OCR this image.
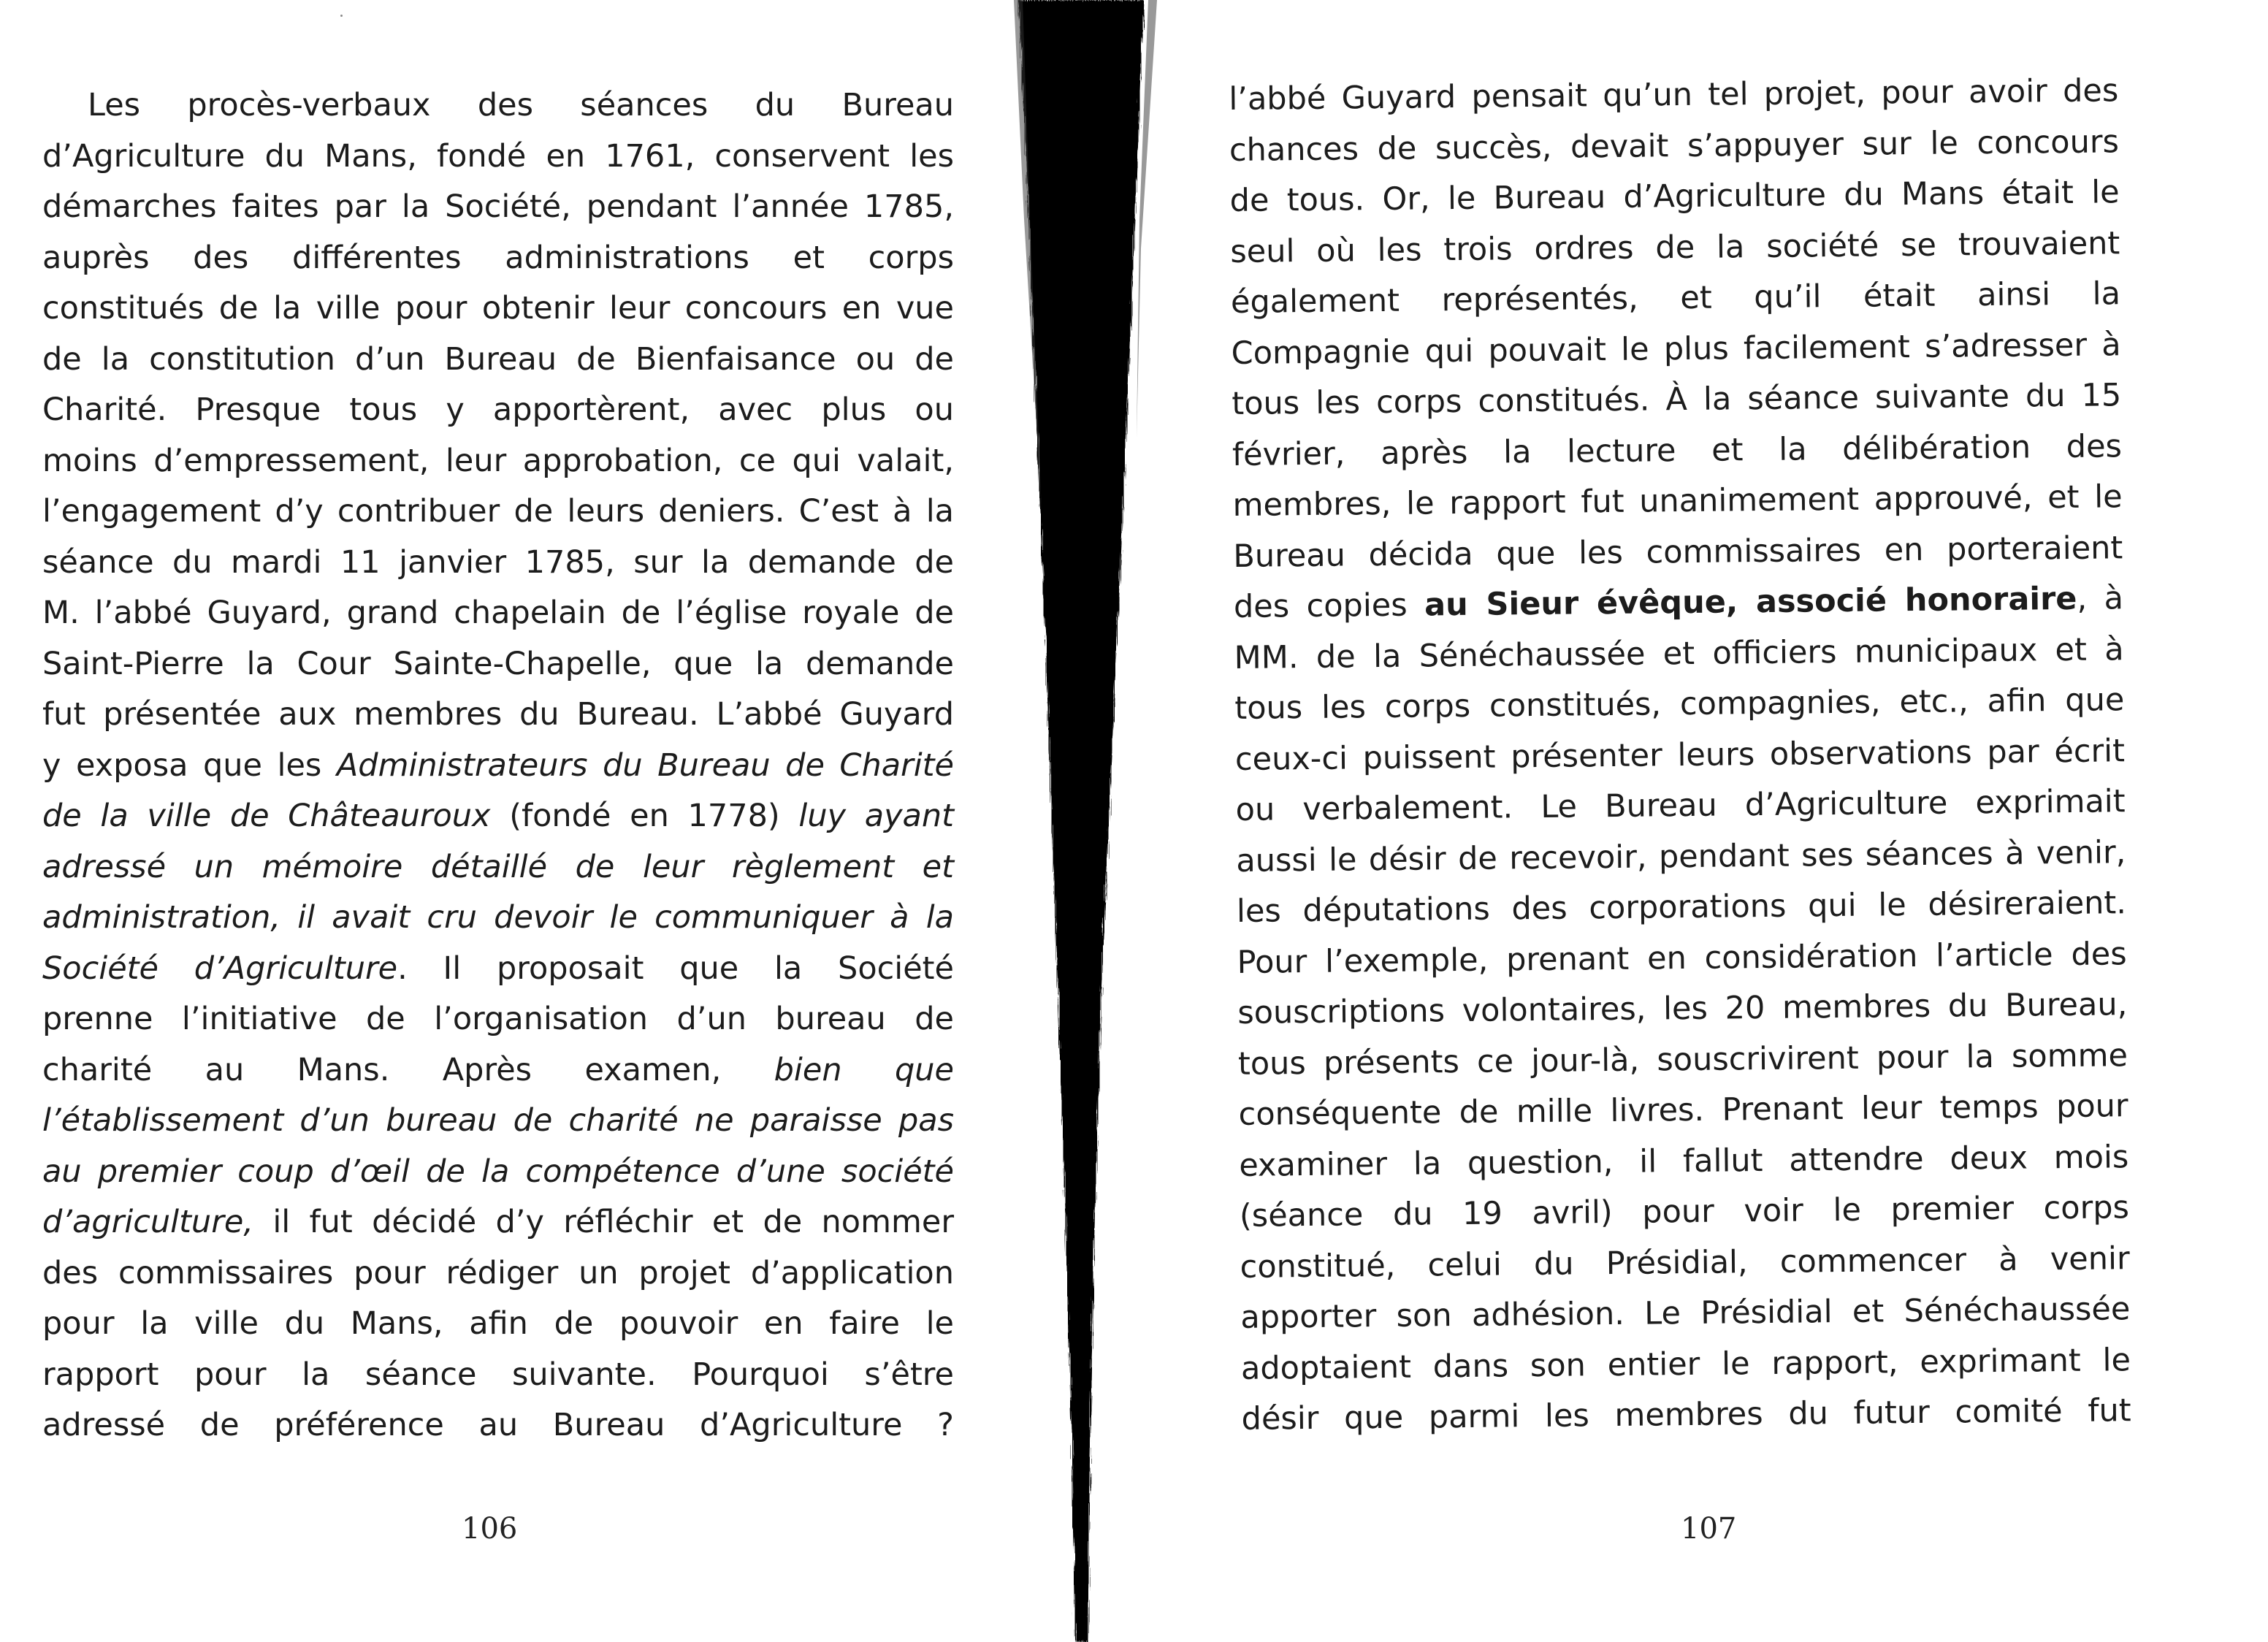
Les procès-verbaux des séances du Bureau
d’Agriculture du Mans, fondé en 1761, conservent les
démarches faites par la Société, pendant l’année 1785,
auprès des différentes administrations et corps
constitués de la ville pour obtenir leur concours en vue
de la constitution d’un Bureau de Bienfaisance ou de
Charité. Presque tous y apportèrent, avec plus ou
moins d’empressement, leur approbation, ce qui valait,
l’engagement d’y contribuer de leurs deniers. C’est à la
séance du mardi 11 janvier 1785, sur la demande de
M. l’abbé Guyard, grand chapelain de l’église royale de
Saint-Pierre la Cour Sainte-Chapelle, que la demande
fut présentée aux membres du Bureau. L’abbé Guyard
y exposa que les Administrateurs du Bureau de Charité
de la ville de Châteauroux (fondé en 1778) luy ayant
adressé un mémoire détaillé de leur règlement et
administration, il avait cru devoir le communiquer à la
Société d’Agriculture. Il proposait que la Société
prenne l’initiative de l’organisation d’un bureau de
charité au Mans. Après examen, bien que
l’établissement d’un bureau de charité ne paraisse pas
au premier coup d’œil de la compétence d’une société
d’agriculture, il fut décidé d’y réfléchir et de nommer
des commissaires pour rédiger un projet d’application
pour la ville du Mans, afin de pouvoir en faire le
rapport pour la séance suivante. Pourquoi s’être
adressé de préférence au Bureau d’Agriculture ?
106
l’abbé Guyard pensait qu’un tel projet, pour avoir des
chances de succès, devait s’appuyer sur le concours
de tous. Or, le Bureau d’Agriculture du Mans était le
seul où les trois ordres de la société se trouvaient
également représentés, et qu’il était ainsi la
Compagnie qui pouvait le plus facilement s’adresser à
tous les corps constitués. À la séance suivante du 15
février, après la lecture et la délibération des
membres, le rapport fut unanimement approuvé, et le
Bureau décida que les commissaires en porteraient
des copies au Sieur évêque, associé honoraire, à
MM. de la Sénéchaussée et officiers municipaux et à
tous les corps constitués, compagnies, etc., afin que
ceux-ci puissent présenter leurs observations par écrit
ou verbalement. Le Bureau d’Agriculture exprimait
aussi le désir de recevoir, pendant ses séances à venir,
les députations des corporations qui le désireraient.
Pour l’exemple, prenant en considération l’article des
souscriptions volontaires, les 20 membres du Bureau,
tous présents ce jour-là, souscrivirent pour la somme
conséquente de mille livres. Prenant leur temps pour
examiner la question, il fallut attendre deux mois
(séance du 19 avril) pour voir le premier corps
constitué, celui du Présidial, commencer à venir
apporter son adhésion. Le Présidial et Sénéchaussée
adoptaient dans son entier le rapport, exprimant le
désir que parmi les membres du futur comité fut
107
